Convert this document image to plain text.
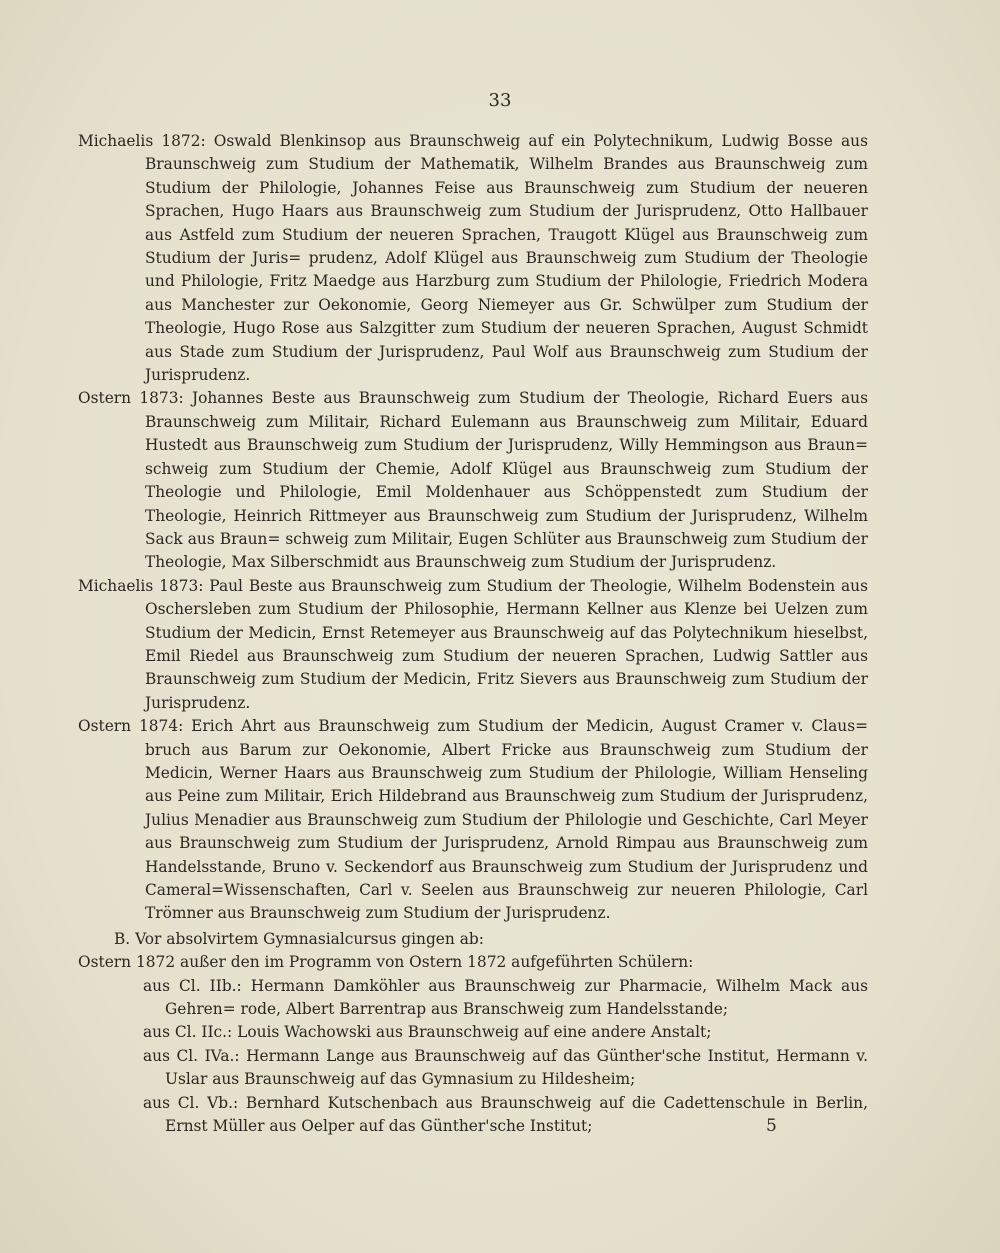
33

Michaelis 1872: Oswald Blenkinsop aus Braunschweig auf ein Polytechnikum, Ludwig Bosse aus Braunschweig zum Studium der Mathematik, Wilhelm Brandes aus Braunschweig zum Studium der Philologie, Johannes Feise aus Braunschweig zum Studium der neueren Sprachen, Hugo Haars aus Braunschweig zum Studium der Jurisprudenz, Otto Hallbauer aus Astfeld zum Studium der neueren Sprachen, Traugott Klügel aus Braunschweig zum Studium der Juris= prudenz, Adolf Klügel aus Braunschweig zum Studium der Theologie und Philologie, Fritz Maedge aus Harzburg zum Studium der Philologie, Friedrich Modera aus Manchester zur Oekonomie, Georg Niemeyer aus Gr. Schwülper zum Studium der Theologie, Hugo Rose aus Salzgitter zum Studium der neueren Sprachen, August Schmidt aus Stade zum Studium der Jurisprudenz, Paul Wolf aus Braunschweig zum Studium der Jurisprudenz.

Ostern 1873: Johannes Beste aus Braunschweig zum Studium der Theologie, Richard Euers aus Braunschweig zum Militair, Richard Eulemann aus Braunschweig zum Militair, Eduard Hustedt aus Braunschweig zum Studium der Jurisprudenz, Willy Hemmingson aus Braun= schweig zum Studium der Chemie, Adolf Klügel aus Braunschweig zum Studium der Theologie und Philologie, Emil Moldenhauer aus Schöppenstedt zum Studium der Theologie, Heinrich Rittmeyer aus Braunschweig zum Studium der Jurisprudenz, Wilhelm Sack aus Braun= schweig zum Militair, Eugen Schlüter aus Braunschweig zum Studium der Theologie, Max Silberschmidt aus Braunschweig zum Studium der Jurisprudenz.

Michaelis 1873: Paul Beste aus Braunschweig zum Studium der Theologie, Wilhelm Bodenstein aus Oschersleben zum Studium der Philosophie, Hermann Kellner aus Klenze bei Uelzen zum Studium der Medicin, Ernst Retemeyer aus Braunschweig auf das Polytechnikum hieselbst, Emil Riedel aus Braunschweig zum Studium der neueren Sprachen, Ludwig Sattler aus Braunschweig zum Studium der Medicin, Fritz Sievers aus Braunschweig zum Studium der Jurisprudenz.

Ostern 1874: Erich Ahrt aus Braunschweig zum Studium der Medicin, August Cramer v. Claus= bruch aus Barum zur Oekonomie, Albert Fricke aus Braunschweig zum Studium der Medicin, Werner Haars aus Braunschweig zum Studium der Philologie, William Henseling aus Peine zum Militair, Erich Hildebrand aus Braunschweig zum Studium der Jurisprudenz, Julius Menadier aus Braunschweig zum Studium der Philologie und Geschichte, Carl Meyer aus Braunschweig zum Studium der Jurisprudenz, Arnold Rimpau aus Braunschweig zum Handelsstande, Bruno v. Seckendorf aus Braunschweig zum Studium der Jurisprudenz und Cameral=Wissenschaften, Carl v. Seelen aus Braunschweig zur neueren Philologie, Carl Trömner aus Braunschweig zum Studium der Jurisprudenz.

B. Vor absolvirtem Gymnasialcursus gingen ab:

Ostern 1872 außer den im Programm von Ostern 1872 aufgeführten Schülern:

aus Cl. IIb.: Hermann Damköhler aus Braunschweig zur Pharmacie, Wilhelm Mack aus Gehren= rode, Albert Barrentrap aus Branschweig zum Handelsstande;

aus Cl. IIc.: Louis Wachowski aus Braunschweig auf eine andere Anstalt;

aus Cl. IVa.: Hermann Lange aus Braunschweig auf das Günther'sche Institut, Hermann v. Uslar aus Braunschweig auf das Gymnasium zu Hildesheim;

aus Cl. Vb.: Bernhard Kutschenbach aus Braunschweig auf die Cadettenschule in Berlin, Ernst Müller aus Oelper auf das Günther'sche Institut;	5
